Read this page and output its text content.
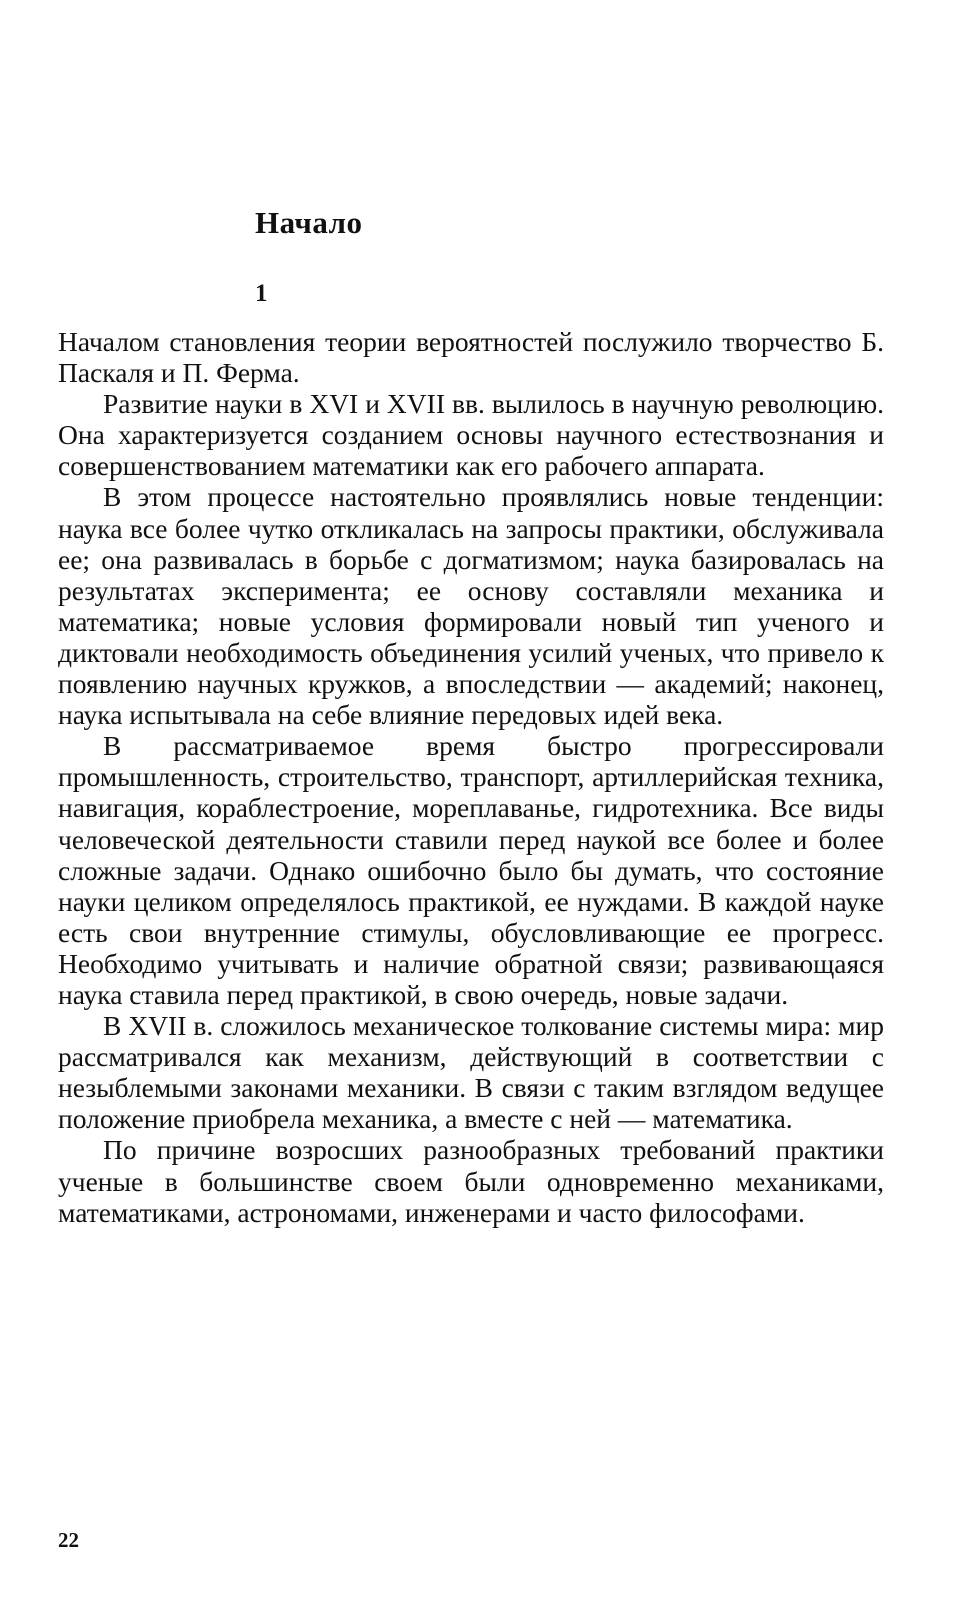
Начало
1

Началом становления теории вероятностей послужило творчество Б. Паскаля и П. Ферма.

Развитие науки в XVI и XVII вв. вылилось в научную революцию. Она характеризуется созданием основы научного естествознания и совершенствованием математики как его рабочего аппарата.

В этом процессе настоятельно проявлялись новые тенденции: наука все более чутко откликалась на запросы практики, обслуживала ее; она развивалась в борьбе с догматизмом; наука базировалась на результатах эксперимента; ее основу составляли механика и математика; новые условия формировали новый тип ученого и диктовали необходимость объединения усилий ученых, что привело к появлению научных кружков, а впоследствии — академий; наконец, наука испытывала на себе влияние передовых идей века.

В рассматриваемое время быстро прогрессировали промышленность, строительство, транспорт, артиллерийская техника, навигация, кораблестроение, мореплаванье, гидротехника. Все виды человеческой деятельности ставили перед наукой все более и более сложные задачи. Однако ошибочно было бы думать, что состояние науки целиком определялось практикой, ее нуждами. В каждой науке есть свои внутренние стимулы, обусловливающие ее прогресс. Необходимо учитывать и наличие обратной связи; развивающаяся наука ставила перед практикой, в свою очередь, новые задачи.

В XVII в. сложилось механическое толкование системы мира: мир рассматривался как механизм, действующий в соответствии с незыблемыми законами механики. В связи с таким взглядом ведущее положение приобрела механика, а вместе с ней — математика.

По причине возросших разнообразных требований практики ученые в большинстве своем были одновременно механиками, математиками, астрономами, инженерами и часто философами.

22
